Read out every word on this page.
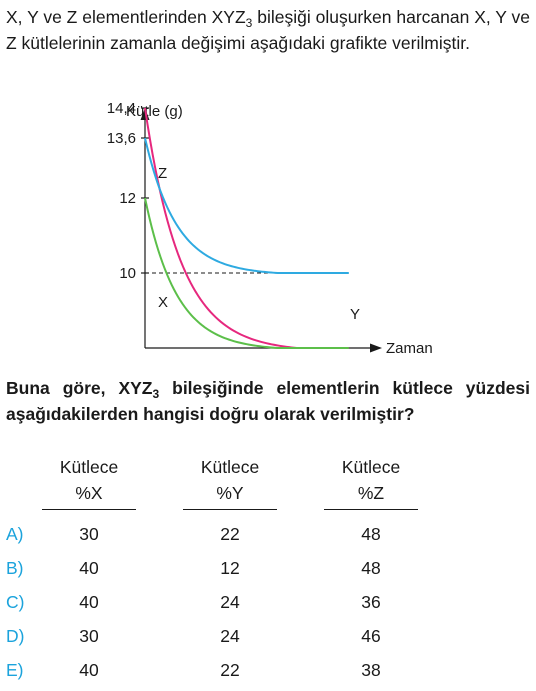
X, Y ve Z elementlerinden $XYZ_3$ bileşiği oluşurken harcanan X, Y ve Z kütlelerinin zamanla değişimi aşağıdaki grafikte verilmiştir.
Kütle (g)
Zaman
14,4
13,6
12
10
Z
Y
X
Buna göre, $XYZ_3$ bileşiğinde elementlerin kütlece yüzdesi aşağıdakilerden hangisi doğru olarak verilmiştir?
Kütlece
%X
Kütlece
%Y
Kütlece
%Z
A)	30	22	48
B)	40	12	48
C)	40	24	36
D)	30	24	46
E)	40	22	38
